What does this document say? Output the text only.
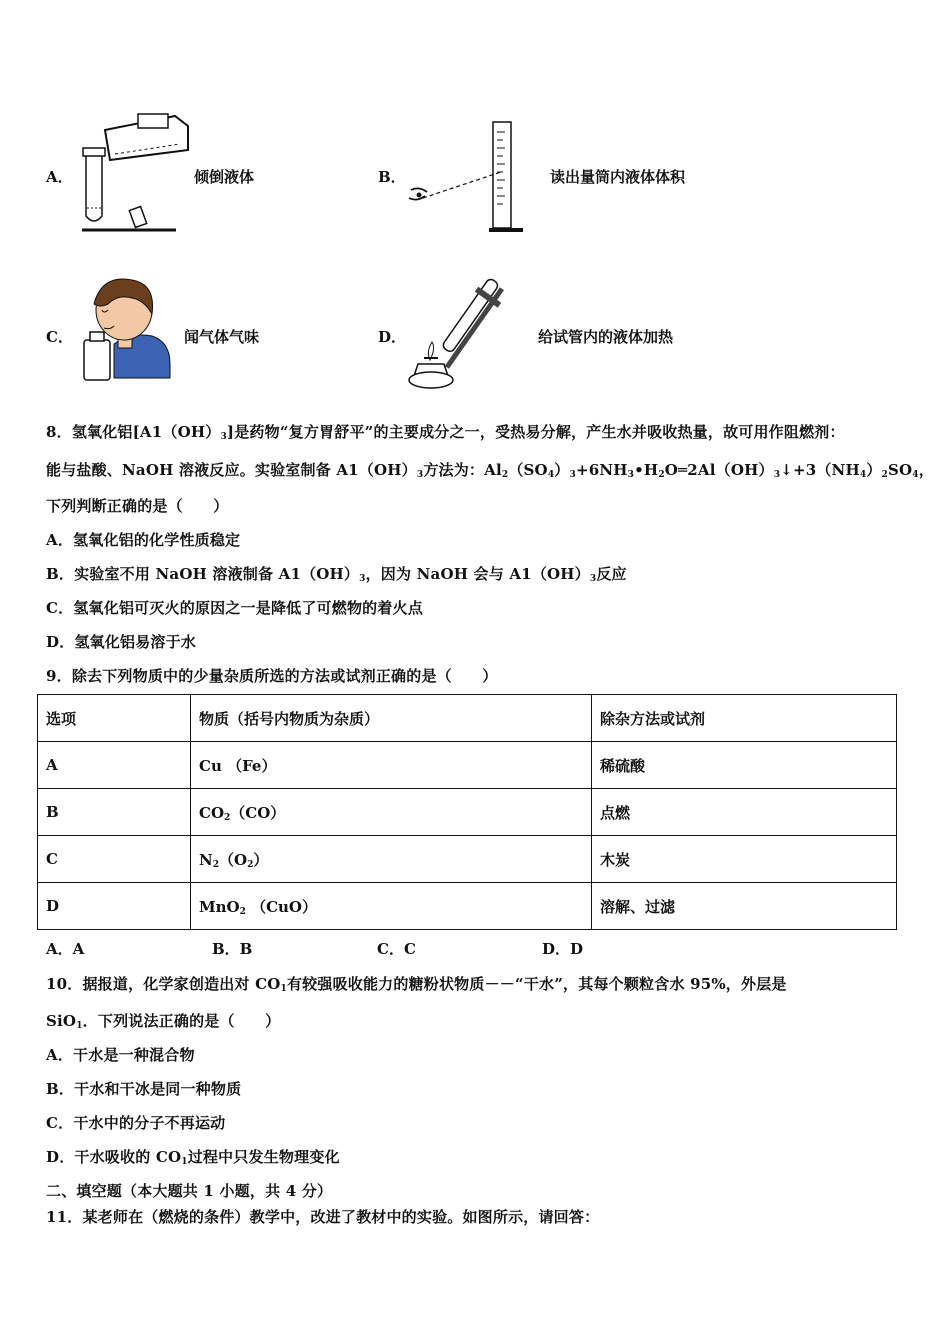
A．	倾倒液体	B．	读出量筒内液体体积
C．	闻气体气味	D．	给试管内的液体加热
8．氢氧化铝$[A1(OH)_3]$是药物“复方胃舒平”的主要成分之一，受热易分解，产生水并吸收热量，故可用作阻燃剂：
能与盐酸、NaOH 溶液反应。实验室制备 $A1(OH)_3$方法为：$Al_2(SO_4)_3+6NH_3•H_2O═2Al(OH)_3↓+3(NH_4)_2SO_4$，
下列判断正确的是（　　）
A．氢氧化铝的化学性质稳定
B．实验室不用 NaOH 溶液制备 $A1(OH)_3$，因为 NaOH 会与 $A1(OH)_3$反应
C．氢氧化铝可灭火的原因之一是降低了可燃物的着火点
D．氢氧化铝易溶于水
9．除去下列物质中的少量杂质所选的方法或试剂正确的是（　　）
选项	物质（括号内物质为杂质）	除杂方法或试剂
A	Cu （Fe）	稀硫酸
B	$CO_2(CO)$	点燃
C	$N_2(O_2)$	木炭
D	MnO$_2$ （CuO）	溶解、过滤
A．A	B．B	C．C	D．D
10．据报道，化学家创造出对 $CO_1$有较强吸收能力的糖粉状物质－－“干水”，其每个颗粒含水 95%，外层是
SiO$_1$．下列说法正确的是（　　）
A．干水是一种混合物
B．干水和干冰是同一种物质
C．干水中的分子不再运动
D．干水吸收的 $CO_1$过程中只发生物理变化
二、填空题（本大题共 1 小题，共 4 分）
11．某老师在（燃烧的条件）教学中，改进了教材中的实验。如图所示，请回答：
